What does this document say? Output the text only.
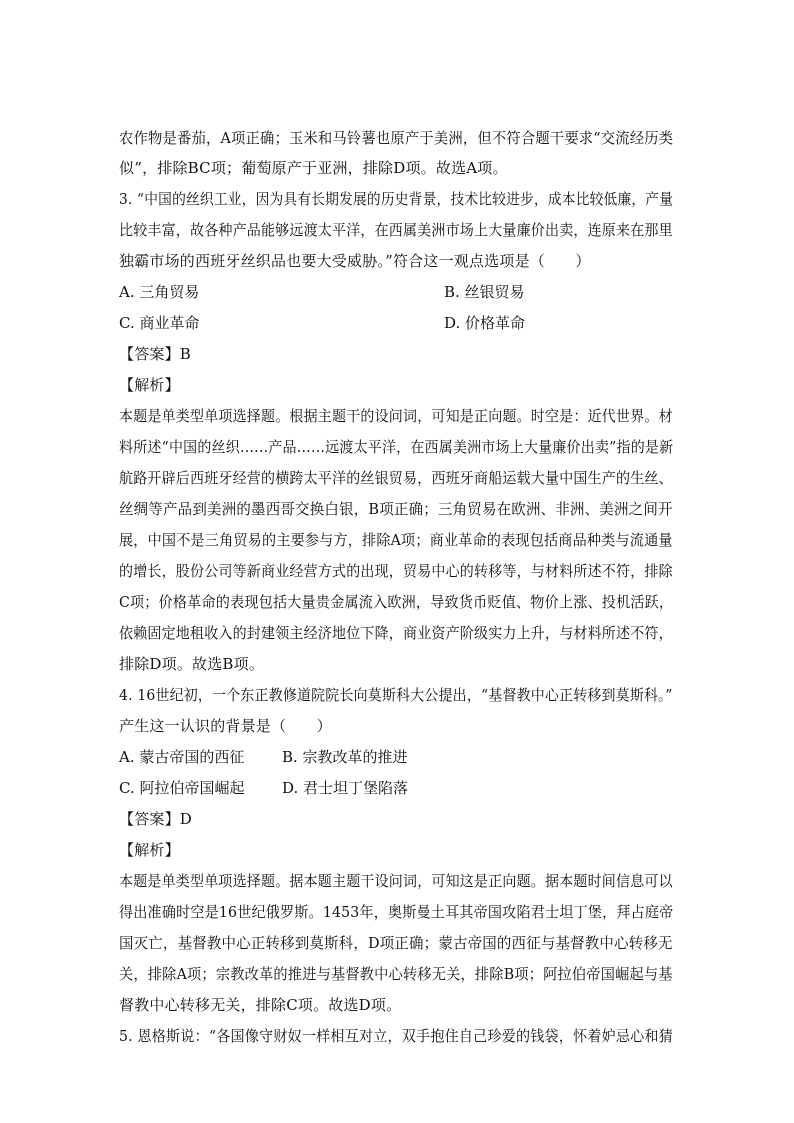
农作物是番茄，A项正确；玉米和马铃薯也原产于美洲，但不符合题干要求“交流经历类
似”，排除BC项；葡萄原产于亚洲，排除D项。故选A项。
3. “中国的丝织工业，因为具有长期发展的历史背景，技术比较进步，成本比较低廉，产量
比较丰富，故各种产品能够远渡太平洋，在西属美洲市场上大量廉价出卖，连原来在那里
独霸市场的西班牙丝织品也要大受威胁。”符合这一观点选项是（　　）
A. 三角贸易	B. 丝银贸易
C. 商业革命	D. 价格革命
【答案】B
【解析】
本题是单类型单项选择题。根据主题干的设问词，可知是正向题。时空是：近代世界。材
料所述“中国的丝织……产品……远渡太平洋，在西属美洲市场上大量廉价出卖”指的是新
航路开辟后西班牙经营的横跨太平洋的丝银贸易，西班牙商船运载大量中国生产的生丝、
丝绸等产品到美洲的墨西哥交换白银，B项正确；三角贸易在欧洲、非洲、美洲之间开
展，中国不是三角贸易的主要参与方，排除A项；商业革命的表现包括商品种类与流通量
的增长，股份公司等新商业经营方式的出现，贸易中心的转移等，与材料所述不符，排除
C项；价格革命的表现包括大量贵金属流入欧洲，导致货币贬值、物价上涨、投机活跃，
依赖固定地租收入的封建领主经济地位下降，商业资产阶级实力上升，与材料所述不符，
排除D项。故选B项。
4. 16世纪初，一个东正教修道院院长向莫斯科大公提出，“基督教中心正转移到莫斯科。”
产生这一认识的背景是（　　）
A. 蒙古帝国的西征	B. 宗教改革的推进
C. 阿拉伯帝国崛起	D. 君士坦丁堡陷落
【答案】D
【解析】
本题是单类型单项选择题。据本题主题干设问词，可知这是正向题。据本题时间信息可以
得出准确时空是16世纪俄罗斯。1453年，奥斯曼土耳其帝国攻陷君士坦丁堡，拜占庭帝
国灭亡，基督教中心正转移到莫斯科，D项正确；蒙古帝国的西征与基督教中心转移无
关，排除A项；宗教改革的推进与基督教中心转移无关，排除B项；阿拉伯帝国崛起与基
督教中心转移无关，排除C项。故选D项。
5. 恩格斯说：“各国像守财奴一样相互对立，双手抱住自己珍爱的钱袋，怀着妒忌心和猜
